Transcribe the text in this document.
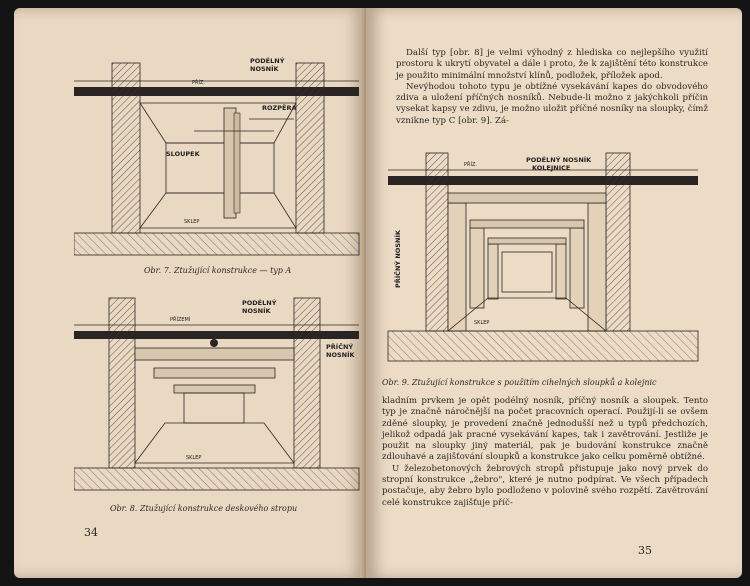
PODÉLNÝ
NOSNÍK
ROZPĚRA
SLOUPEK
SKLEP
PŘÍZ.
Obr. 7. Ztužující konstrukce — typ A
PODÉLNÝ
NOSNÍK
PŘÍZEMÍ
PŘÍČNÝ
NOSNÍK
SKLEP
Obr. 8. Ztužující konstrukce deskového stropu
34

Další typ [obr. 8] je velmi výhodný z hlediska co nejlepšího využití prostoru k ukrytí obyvatel a dále i proto, že k zajištění této konstrukce je použito minimální množství klínů, podložek, příložek apod.

Nevýhodou tohoto typu je obtížné vysekávání kapes do obvodového zdiva a uložení příčných nosníků. Nebude-li možno z jakýchkoli příčin vysekat kapsy ve zdivu, je možno uložit příčné nosníky na sloupky, čímž vznikne typ C [obr. 9]. Zá-

PŘÍZ.
PODÉLNÝ NOSNÍK
KOLEJNICE
PŘÍČNÝ NOSNÍK
SKLEP
Obr. 9. Ztužující konstrukce s použitím cihelných sloupků a kolejnic

kladním prvkem je opět podélný nosník, příčný nosník a sloupek. Tento typ je značně náročnější na počet pracovních operací. Použijí-li se ovšem zděné sloupky, je provedení značně jednodušší než u typů předchozích, jelikož odpadá jak pracné vysekávání kapes, tak i zavětrování. Jestliže je použit na sloupky jiný materiál, pak je budování konstrukce značně zdlouhavé a zajišťování sloupků a konstrukce jako celku poměrně obtížné.

U železobetonových žebrových stropů přistupuje jako nový prvek do stropní konstrukce „žebro", které je nutno podpírat. Ve všech případech postačuje, aby žebro bylo podloženo v polovině svého rozpětí. Zavětrování celé konstrukce zajišťuje příč-

35
